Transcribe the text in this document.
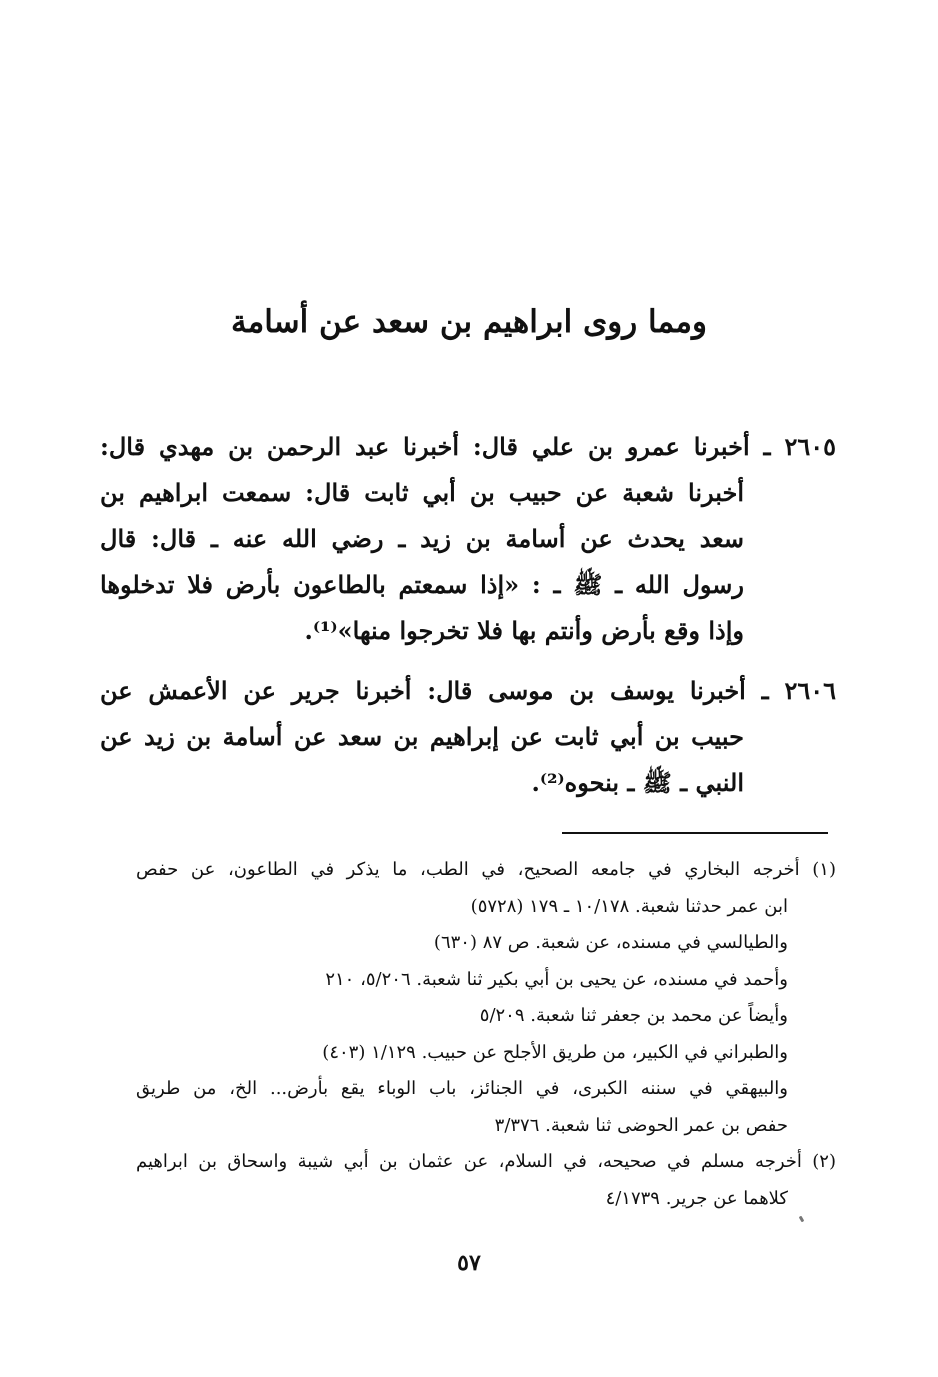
ومما روى ابراهيم بن سعد عن أسامة
٢٦٠٥ ـ أخبرنا عمرو بن علي قال: أخبرنا عبد الرحمن بن مهدي قال:
أخبرنا شعبة عن حبيب بن أبي ثابت قال: سمعت ابراهيم بن
سعد يحدث عن أسامة بن زيد ـ رضي الله عنه ـ قال: قال
رسول الله ـ ﷺ ـ : «إذا سمعتم بالطاعون بأرض فلا تدخلوها
وإذا وقع بأرض وأنتم بها فلا تخرجوا منها»⁽¹⁾.
٢٦٠٦ ـ أخبرنا يوسف بن موسى قال: أخبرنا جرير عن الأعمش عن
حبيب بن أبي ثابت عن إبراهيم بن سعد عن أسامة بن زيد عن
النبي ـ ﷺ ـ بنحوه⁽²⁾.
(١) أخرجه البخاري في جامعه الصحيح، في الطب، ما يذكر في الطاعون، عن حفص
ابن عمر حدثنا شعبة. ١٠/١٧٨ ـ ١٧٩ (٥٧٢٨)
والطيالسي في مسنده، عن شعبة. ص ٨٧ (٦٣٠)
وأحمد في مسنده، عن يحيى بن أبي بكير ثنا شعبة. ٥/٢٠٦، ٢١٠
وأيضاً عن محمد بن جعفر ثنا شعبة. ٥/٢٠٩
والطبراني في الكبير، من طريق الأجلح عن حبيب. ١/١٢٩ (٤٠٣)
والبيهقي في سننه الكبرى، في الجنائز، باب الوباء يقع بأرض... الخ، من طريق
حفص بن عمر الحوضى ثنا شعبة. ٣/٣٧٦
(٢) أخرجه مسلم في صحيحه، في السلام، عن عثمان بن أبي شيبة واسحاق بن ابراهيم
كلاهما عن جرير. ٤/١٧٣٩
٥٧
